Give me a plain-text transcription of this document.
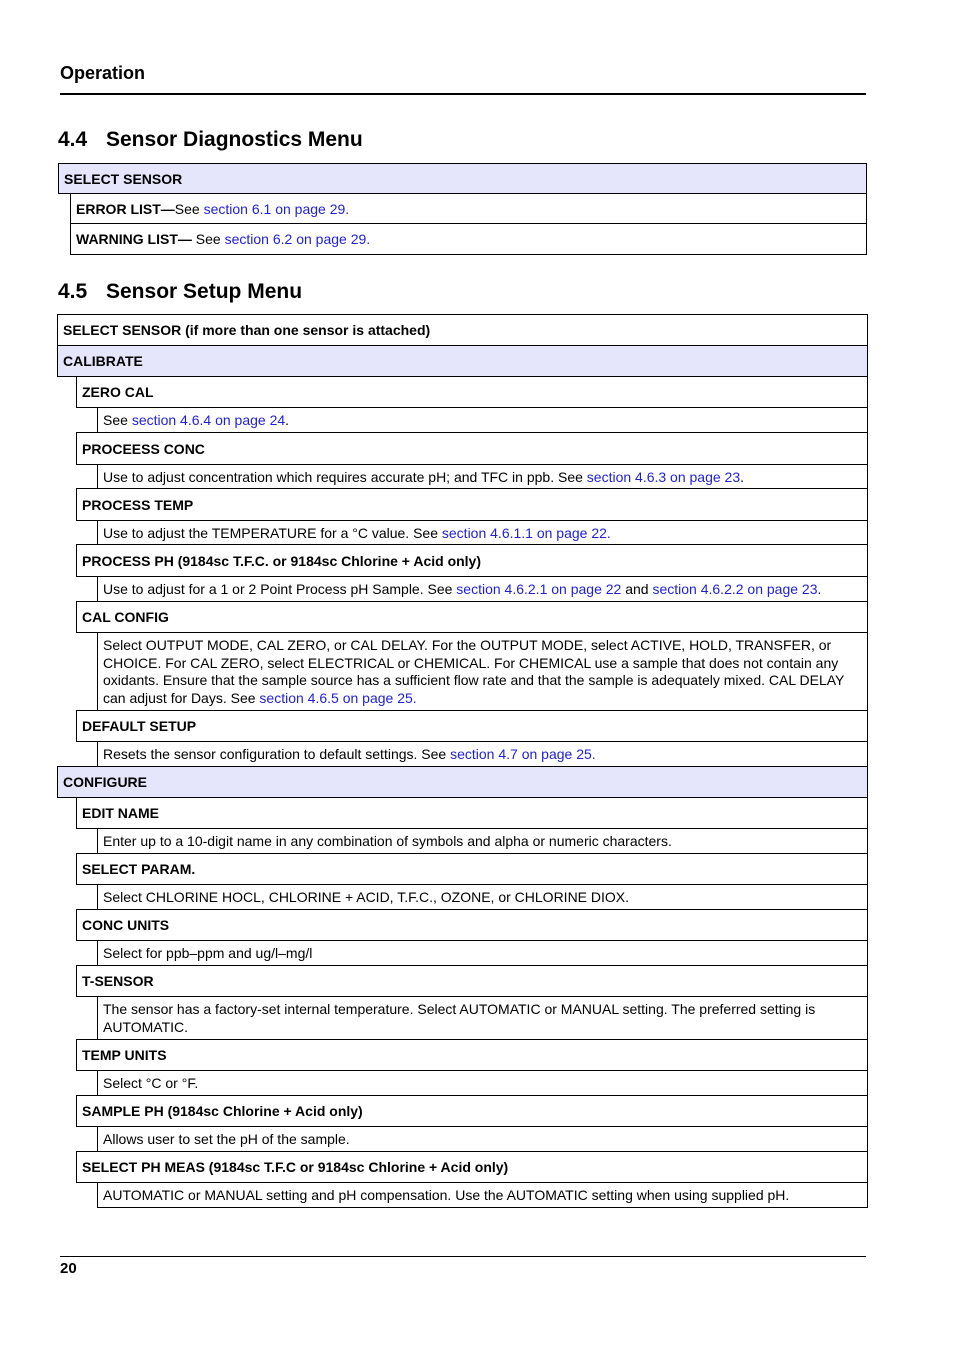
Operation
4.4 Sensor Diagnostics Menu
SELECT SENSOR
ERROR LIST—See section 6.1 on page 29.
WARNING LIST— See section 6.2 on page 29.
4.5 Sensor Setup Menu
SELECT SENSOR (if more than one sensor is attached)
CALIBRATE
ZERO CAL
See section 4.6.4 on page 24.
PROCEESS CONC
Use to adjust concentration which requires accurate pH; and TFC in ppb. See section 4.6.3 on page 23.
PROCESS TEMP
Use to adjust the TEMPERATURE for a °C value. See section 4.6.1.1 on page 22.
PROCESS PH (9184sc T.F.C. or 9184sc Chlorine + Acid only)
Use to adjust for a 1 or 2 Point Process pH Sample. See section 4.6.2.1 on page 22 and section 4.6.2.2 on page 23.
CAL CONFIG
Select OUTPUT MODE, CAL ZERO, or CAL DELAY. For the OUTPUT MODE, select ACTIVE, HOLD, TRANSFER, or CHOICE. For CAL ZERO, select ELECTRICAL or CHEMICAL. For CHEMICAL use a sample that does not contain any oxidants. Ensure that the sample source has a sufficient flow rate and that the sample is adequately mixed. CAL DELAY can adjust for Days. See section 4.6.5 on page 25.
DEFAULT SETUP
Resets the sensor configuration to default settings. See section 4.7 on page 25.
CONFIGURE
EDIT NAME
Enter up to a 10-digit name in any combination of symbols and alpha or numeric characters.
SELECT PARAM.
Select CHLORINE HOCL, CHLORINE + ACID, T.F.C., OZONE, or CHLORINE DIOX.
CONC UNITS
Select for ppb–ppm and ug/l–mg/l
T-SENSOR
The sensor has a factory-set internal temperature. Select AUTOMATIC or MANUAL setting. The preferred setting is AUTOMATIC.
TEMP UNITS
Select °C or °F.
SAMPLE PH (9184sc Chlorine + Acid only)
Allows user to set the pH of the sample.
SELECT PH MEAS (9184sc T.F.C or 9184sc Chlorine + Acid only)
AUTOMATIC or MANUAL setting and pH compensation. Use the AUTOMATIC setting when using supplied pH.
20
